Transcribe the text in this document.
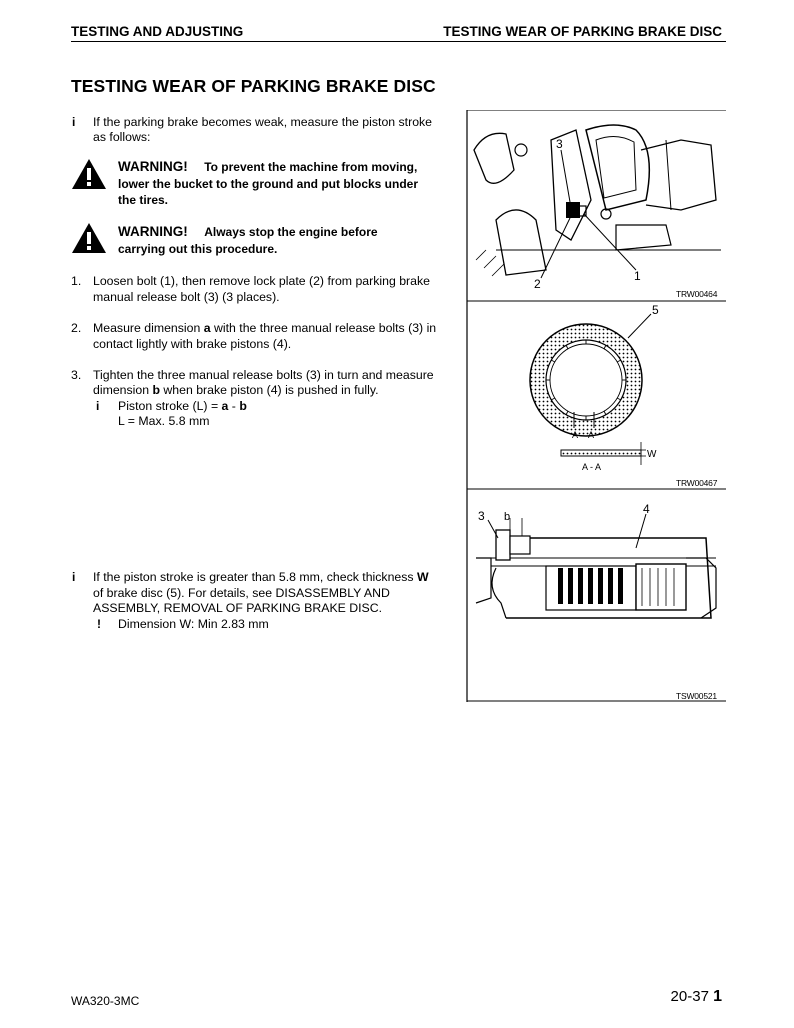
TESTING AND ADJUSTING	TESTING WEAR OF PARKING BRAKE DISC
TESTING WEAR OF PARKING BRAKE DISC
i If the parking brake becomes weak, measure the piston stroke
as follows:
WARNING! To prevent the machine from moving,
lower the bucket to the ground and put blocks under
the tires.
WARNING! Always stop the engine before
carrying out this procedure.
1. Loosen bolt (1), then remove lock plate (2) from parking brake
manual release bolt (3) (3 places).
2. Measure dimension a with the three manual release bolts (3) in
contact lightly with brake pistons (4).
3. Tighten the three manual release bolts (3) in turn and measure
dimension b when brake piston (4) is pushed in fully.
i Piston stroke (L) = a - b
L = Max. 5.8 mm
i If the piston stroke is greater than 5.8 mm, check thickness W
of brake disc (5). For details, see DISASSEMBLY AND
ASSEMBLY, REMOVAL OF PARKING BRAKE DISC.
! Dimension W: Min 2.83 mm
3
2
1
TRW00464
A A
5
W
A - A
TRW00467
3 b
4
TSW00521
WA320-3MC	20-37 1
